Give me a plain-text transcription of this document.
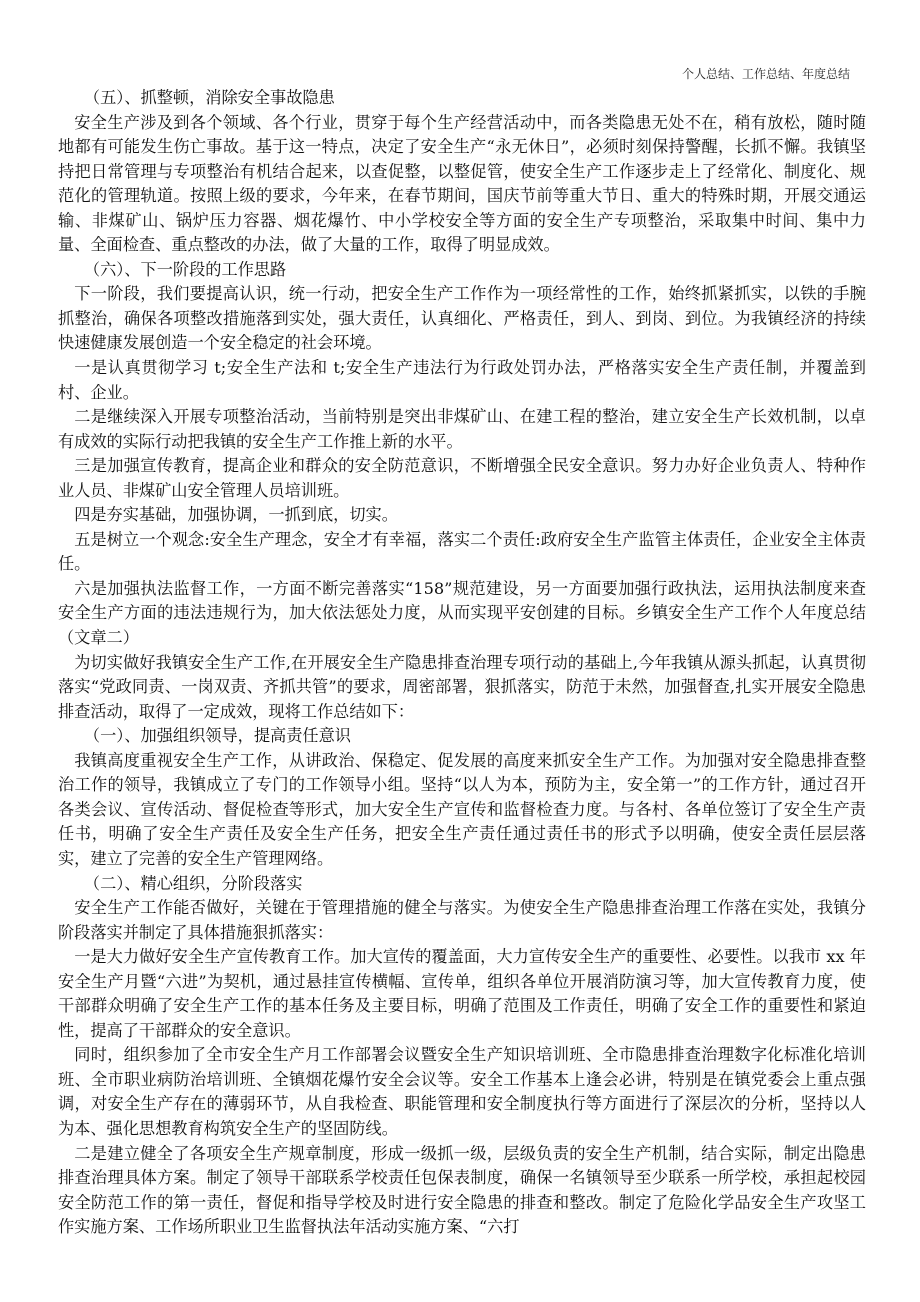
个人总结、工作总结、年度总结

（五）、抓整顿，消除安全事故隐患

安全生产涉及到各个领域、各个行业，贯穿于每个生产经营活动中，而各类隐患无处不在，稍有放松，随时随地都有可能发生伤亡事故。基于这一特点，决定了安全生产“永无休日”，必须时刻保持警醒，长抓不懈。我镇坚持把日常管理与专项整治有机结合起来，以查促整，以整促管，使安全生产工作逐步走上了经常化、制度化、规范化的管理轨道。按照上级的要求，今年来，在春节期间，国庆节前等重大节日、重大的特殊时期，开展交通运输、非煤矿山、锅炉压力容器、烟花爆竹、中小学校安全等方面的安全生产专项整治，采取集中时间、集中力量、全面检查、重点整改的办法，做了大量的工作，取得了明显成效。

（六）、下一阶段的工作思路

下一阶段，我们要提高认识，统一行动，把安全生产工作作为一项经常性的工作，始终抓紧抓实，以铁的手腕抓整治，确保各项整改措施落到实处，强大责任，认真细化、严格责任，到人、到岗、到位。为我镇经济的持续快速健康发展创造一个安全稳定的社会环境。

一是认真贯彻学习 t;安全生产法和 t;安全生产违法行为行政处罚办法，严格落实安全生产责任制，并覆盖到村、企业。

二是继续深入开展专项整治活动，当前特别是突出非煤矿山、在建工程的整治，建立安全生产长效机制，以卓有成效的实际行动把我镇的安全生产工作推上新的水平。

三是加强宣传教育，提高企业和群众的安全防范意识，不断增强全民安全意识。努力办好企业负责人、特种作业人员、非煤矿山安全管理人员培训班。

四是夯实基础，加强协调，一抓到底，切实。

五是树立一个观念:安全生产理念，安全才有幸福，落实二个责任:政府安全生产监管主体责任，企业安全主体责任。

六是加强执法监督工作，一方面不断完善落实“158”规范建设，另一方面要加强行政执法，运用执法制度来查安全生产方面的违法违规行为，加大依法惩处力度，从而实现平安创建的目标。乡镇安全生产工作个人年度总结（文章二）

为切实做好我镇安全生产工作,在开展安全生产隐患排查治理专项行动的基础上,今年我镇从源头抓起，认真贯彻落实“党政同责、一岗双责、齐抓共管”的要求，周密部署，狠抓落实，防范于未然，加强督查,扎实开展安全隐患排查活动，取得了一定成效，现将工作总结如下：

（一）、加强组织领导，提高责任意识

我镇高度重视安全生产工作，从讲政治、保稳定、促发展的高度来抓安全生产工作。为加强对安全隐患排查整治工作的领导，我镇成立了专门的工作领导小组。坚持“以人为本，预防为主，安全第一”的工作方针，通过召开各类会议、宣传活动、督促检查等形式，加大安全生产宣传和监督检查力度。与各村、各单位签订了安全生产责任书，明确了安全生产责任及安全生产任务，把安全生产责任通过责任书的形式予以明确，使安全责任层层落实，建立了完善的安全生产管理网络。

（二）、精心组织，分阶段落实

安全生产工作能否做好，关键在于管理措施的健全与落实。为使安全生产隐患排查治理工作落在实处，我镇分阶段落实并制定了具体措施狠抓落实：

一是大力做好安全生产宣传教育工作。加大宣传的覆盖面，大力宣传安全生产的重要性、必要性。以我市 xx 年安全生产月暨“六进”为契机，通过悬挂宣传横幅、宣传单，组织各单位开展消防演习等，加大宣传教育力度，使干部群众明确了安全生产工作的基本任务及主要目标，明确了范围及工作责任，明确了安全工作的重要性和紧迫性，提高了干部群众的安全意识。

同时，组织参加了全市安全生产月工作部署会议暨安全生产知识培训班、全市隐患排查治理数字化标准化培训班、全市职业病防治培训班、全镇烟花爆竹安全会议等。安全工作基本上逢会必讲，特别是在镇党委会上重点强调，对安全生产存在的薄弱环节，从自我检查、职能管理和安全制度执行等方面进行了深层次的分析，坚持以人为本、强化思想教育构筑安全生产的坚固防线。

二是建立健全了各项安全生产规章制度，形成一级抓一级，层级负责的安全生产机制，结合实际，制定出隐患排查治理具体方案。制定了领导干部联系学校责任包保表制度，确保一名镇领导至少联系一所学校，承担起校园安全防范工作的第一责任，督促和指导学校及时进行安全隐患的排查和整改。制定了危险化学品安全生产攻坚工作实施方案、工作场所职业卫生监督执法年活动实施方案、“六打
